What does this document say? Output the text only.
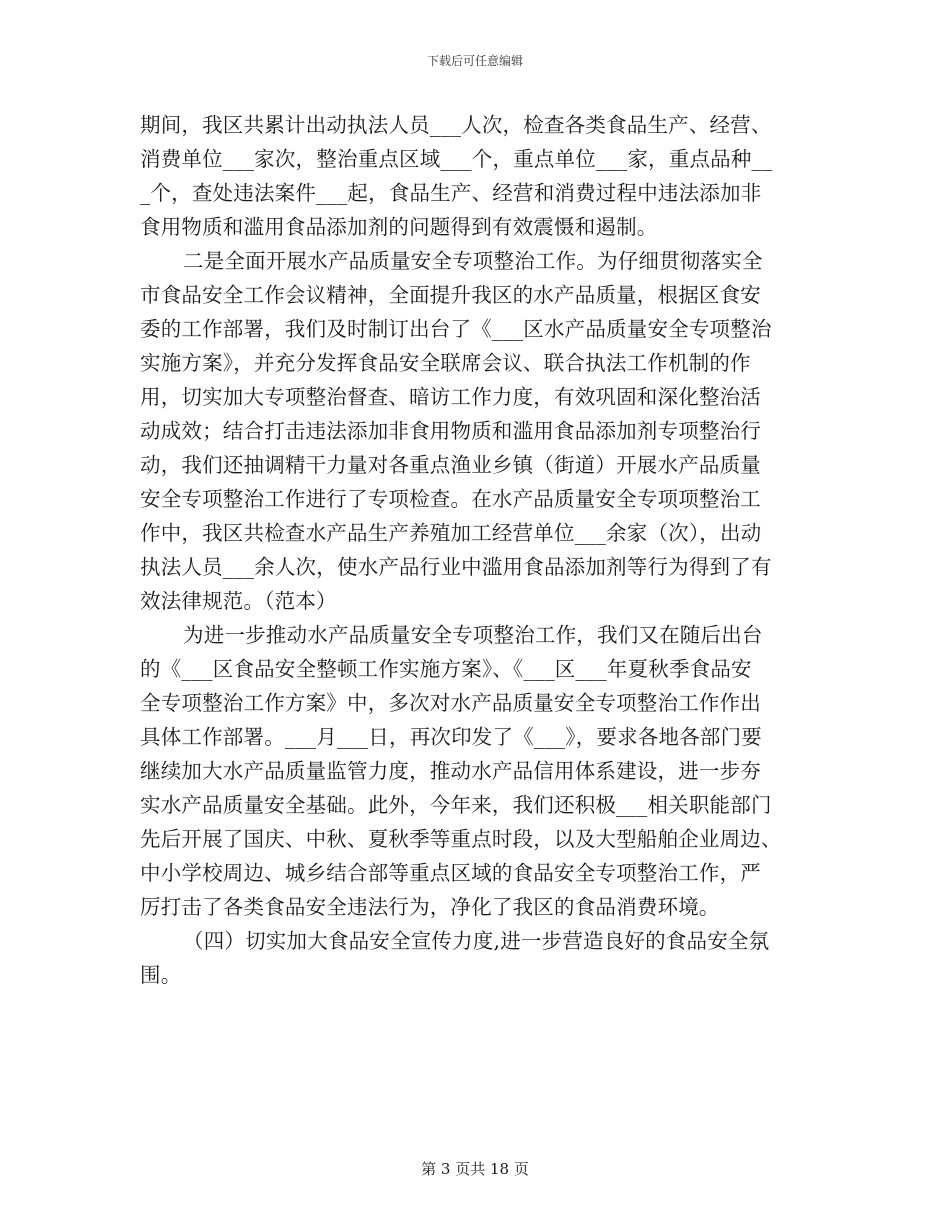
下载后可任意编辑
期间，我区共累计出动执法人员___人次，检查各类食品生产、经营、
消费单位___家次，整治重点区域___个，重点单位___家，重点品种__
_个，查处违法案件___起，食品生产、经营和消费过程中违法添加非
食用物质和滥用食品添加剂的问题得到有效震慑和遏制。
二是全面开展水产品质量安全专项整治工作。为仔细贯彻落实全
市食品安全工作会议精神，全面提升我区的水产品质量，根据区食安
委的工作部署，我们及时制订出台了《___区水产品质量安全专项整治
实施方案》，并充分发挥食品安全联席会议、联合执法工作机制的作
用，切实加大专项整治督查、暗访工作力度，有效巩固和深化整治活
动成效；结合打击违法添加非食用物质和滥用食品添加剂专项整治行
动，我们还抽调精干力量对各重点渔业乡镇（街道）开展水产品质量
安全专项整治工作进行了专项检查。在水产品质量安全专项项整治工
作中，我区共检查水产品生产养殖加工经营单位___余家（次），出动
执法人员___余人次，使水产品行业中滥用食品添加剂等行为得到了有
效法律规范。（范本）
为进一步推动水产品质量安全专项整治工作，我们又在随后出台
的《___区食品安全整顿工作实施方案》、《___区___年夏秋季食品安
全专项整治工作方案》中，多次对水产品质量安全专项整治工作作出
具体工作部署。___月___日，再次印发了《___》，要求各地各部门要
继续加大水产品质量监管力度，推动水产品信用体系建设，进一步夯
实水产品质量安全基础。此外，今年来，我们还积极___相关职能部门
先后开展了国庆、中秋、夏秋季等重点时段，以及大型船舶企业周边、
中小学校周边、城乡结合部等重点区域的食品安全专项整治工作，严
厉打击了各类食品安全违法行为，净化了我区的食品消费环境。
（四）切实加大食品安全宣传力度,进一步营造良好的食品安全氛
围。
第 3 页共 18 页
